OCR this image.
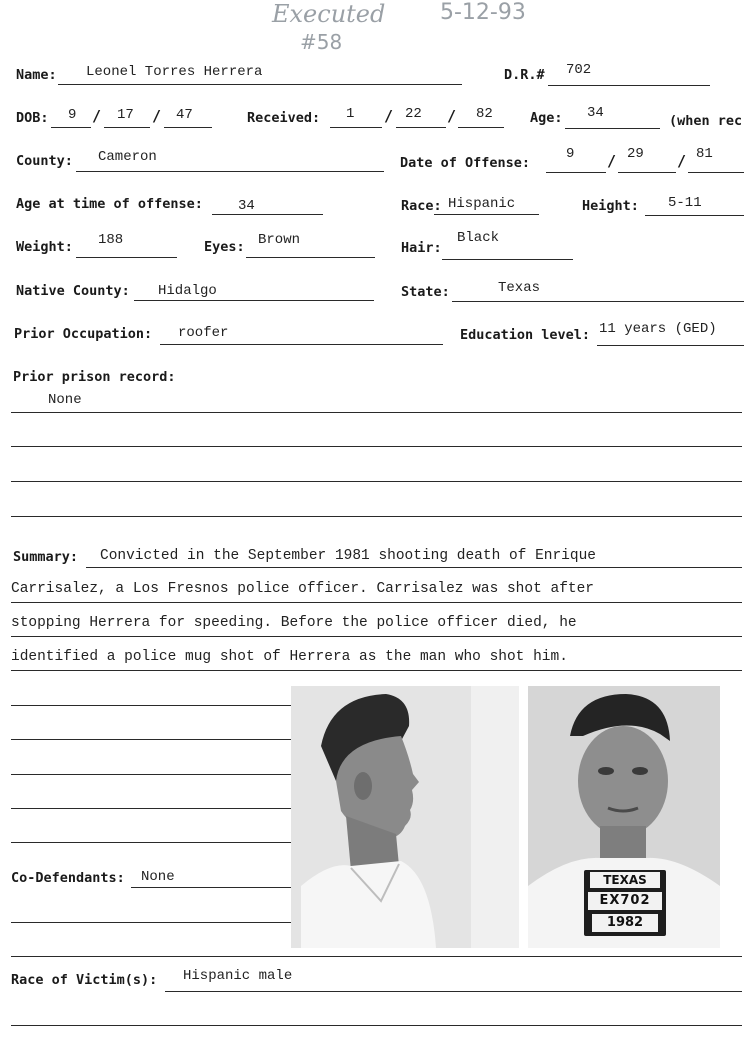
Executed 5-12-93
#58
Name: Leonel Torres Herrera	D.R.# 702
DOB: 9 / 17 / 47	Received: 1 / 22 / 82	Age: 34	(when rec
County: Cameron	Date of Offense:
9 / 29 / 81
Age at time of offense:	34	Race: Hispanic	Height: 5-11
Weight: 188	Eyes: Brown	Hair:
Black
Native County: Hidalgo	State:	Texas
Prior Occupation: roofer	Education level: 11 years (GED)
Prior prison record:
None
Summary: Convicted in the September 1981 shooting death of Enrique
Carrisalez, a Los Fresnos police officer. Carrisalez was shot after
stopping Herrera for speeding. Before the police officer died, he
identified a police mug shot of Herrera as the man who shot him.
Co-Defendants: None
Race of Victim(s): Hispanic male
TEXAS
EX702
1982
